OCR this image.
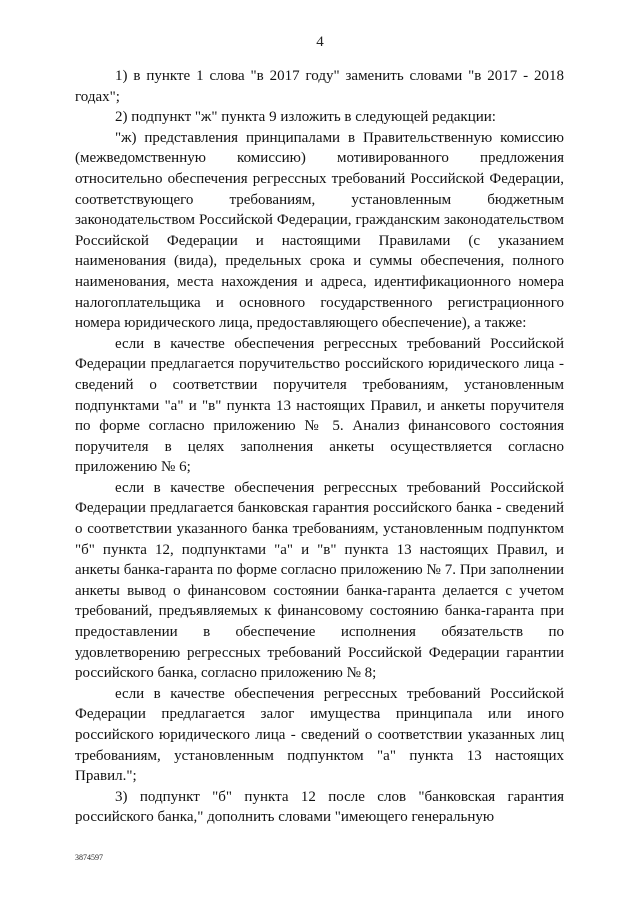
4

1) в пункте 1 слова "в 2017 году" заменить словами "в 2017 - 2018 годах";

2) подпункт "ж" пункта 9 изложить в следующей редакции:

"ж) представления принципалами в Правительственную комиссию (межведомственную комиссию) мотивированного предложения относительно обеспечения регрессных требований Российской Федерации, соответствующего требованиям, установленным бюджетным законодательством Российской Федерации, гражданским законодательством Российской Федерации и настоящими Правилами (с указанием наименования (вида), предельных срока и суммы обеспечения, полного наименования, места нахождения и адреса, идентификационного номера налогоплательщика и основного государственного регистрационного номера юридического лица, предоставляющего обеспечение), а также:

если в качестве обеспечения регрессных требований Российской Федерации предлагается поручительство российского юридического лица - сведений о соответствии поручителя требованиям, установленным подпунктами "а" и "в" пункта 13 настоящих Правил, и анкеты поручителя по форме согласно приложению № 5. Анализ финансового состояния поручителя в целях заполнения анкеты осуществляется согласно приложению № 6;

если в качестве обеспечения регрессных требований Российской Федерации предлагается банковская гарантия российского банка - сведений о соответствии указанного банка требованиям, установленным подпунктом "б" пункта 12, подпунктами "а" и "в" пункта 13 настоящих Правил, и анкеты банка-гаранта по форме согласно приложению № 7. При заполнении анкеты вывод о финансовом состоянии банка-гаранта делается с учетом требований, предъявляемых к финансовому состоянию банка-гаранта при предоставлении в обеспечение исполнения обязательств по удовлетворению регрессных требований Российской Федерации гарантии российского банка, согласно приложению № 8;

если в качестве обеспечения регрессных требований Российской Федерации предлагается залог имущества принципала или иного российского юридического лица - сведений о соответствии указанных лиц требованиям, установленным подпунктом "а" пункта 13 настоящих Правил.";

3) подпункт "б" пункта 12 после слов "банковская гарантия российского банка," дополнить словами "имеющего генеральную

3874597
